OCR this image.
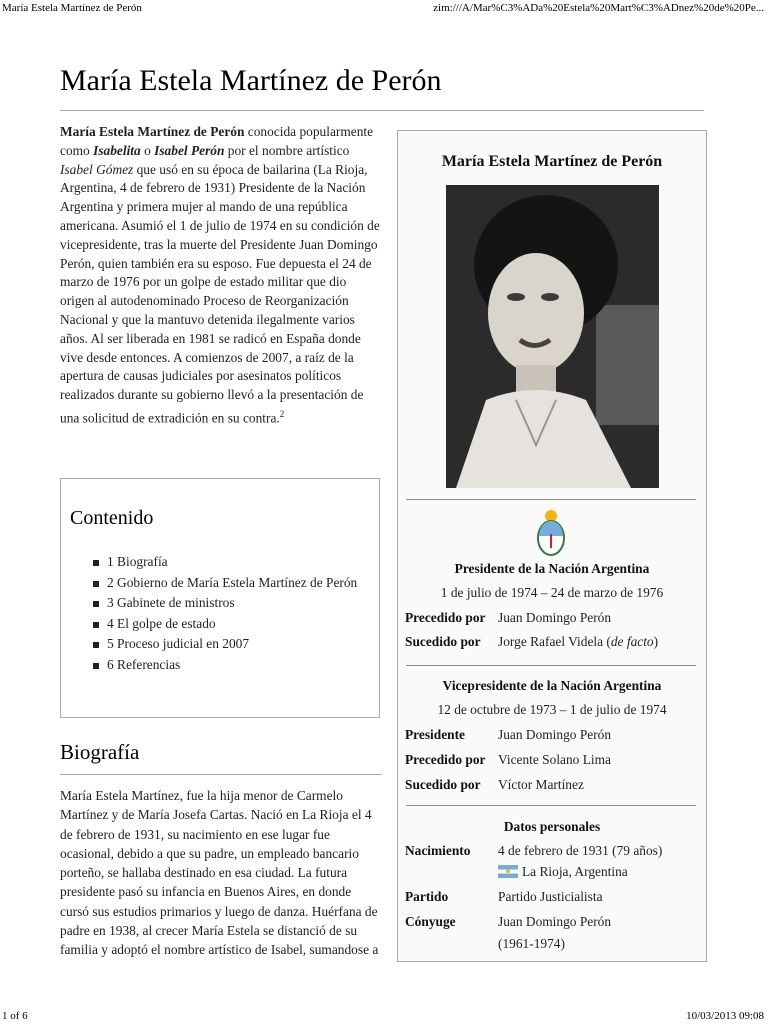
María Estela Martínez de Perón	zim:///A/Mar%C3%ADa%20Estela%20Mart%C3%ADnez%20de%20Pe...
1 of 6	10/03/2013 09:08
María Estela Martínez de Perón

María Estela Martínez de Perón conocida popularmente como Isabelita o Isabel Perón por el nombre artístico Isabel Gómez que usó en su época de bailarina (La Rioja, Argentina, 4 de febrero de 1931) Presidente de la Nación Argentina y primera mujer al mando de una república americana. Asumió el 1 de julio de 1974 en su condición de vicepresidente, tras la muerte del Presidente Juan Domingo Perón, quien también era su esposo. Fue depuesta el 24 de marzo de 1976 por un golpe de estado militar que dio origen al autodenominado Proceso de Reorganización Nacional y que la mantuvo detenida ilegalmente varios años. Al ser liberada en 1981 se radicó en España donde vive desde entonces. A comienzos de 2007, a raíz de la apertura de causas judiciales por asesinatos políticos realizados durante su gobierno llevó a la presentación de una solicitud de extradición en su contra.$^2$

Contenido
1 Biografía
2 Gobierno de María Estela Martínez de Perón
3 Gabinete de ministros
4 El golpe de estado
5 Proceso judicial en 2007
6 Referencias
Biografía

María Estela Martínez, fue la hija menor de Carmelo Martínez y de María Josefa Cartas. Nació en La Rioja el 4 de febrero de 1931, su nacimiento en ese lugar fue ocasional, debido a que su padre, un empleado bancario porteño, se hallaba destinado en esa ciudad. La futura presidente pasó su infancia en Buenos Aires, en donde cursó sus estudios primarios y luego de danza. Huérfana de padre en 1938, al crecer María Estela se distanció de su familia y adoptó el nombre artístico de Isabel, sumandose a

María Estela Martínez de Perón
Presidente de la Nación Argentina
1 de julio de 1974 – 24 de marzo de 1976
Precedido por Juan Domingo Perón
Sucedido por Jorge Rafael Videla (de facto)
Vicepresidente de la Nación Argentina
12 de octubre de 1973 – 1 de julio de 1974
Presidente Juan Domingo Perón
Precedido por Vicente Solano Lima
Sucedido por Víctor Martínez
Datos personales
Nacimiento 4 de febrero de 1931 (79 años)
La Rioja, Argentina
Partido	Partido Justicialista
Cónyuge	Juan Domingo Perón
(1961-1974)
